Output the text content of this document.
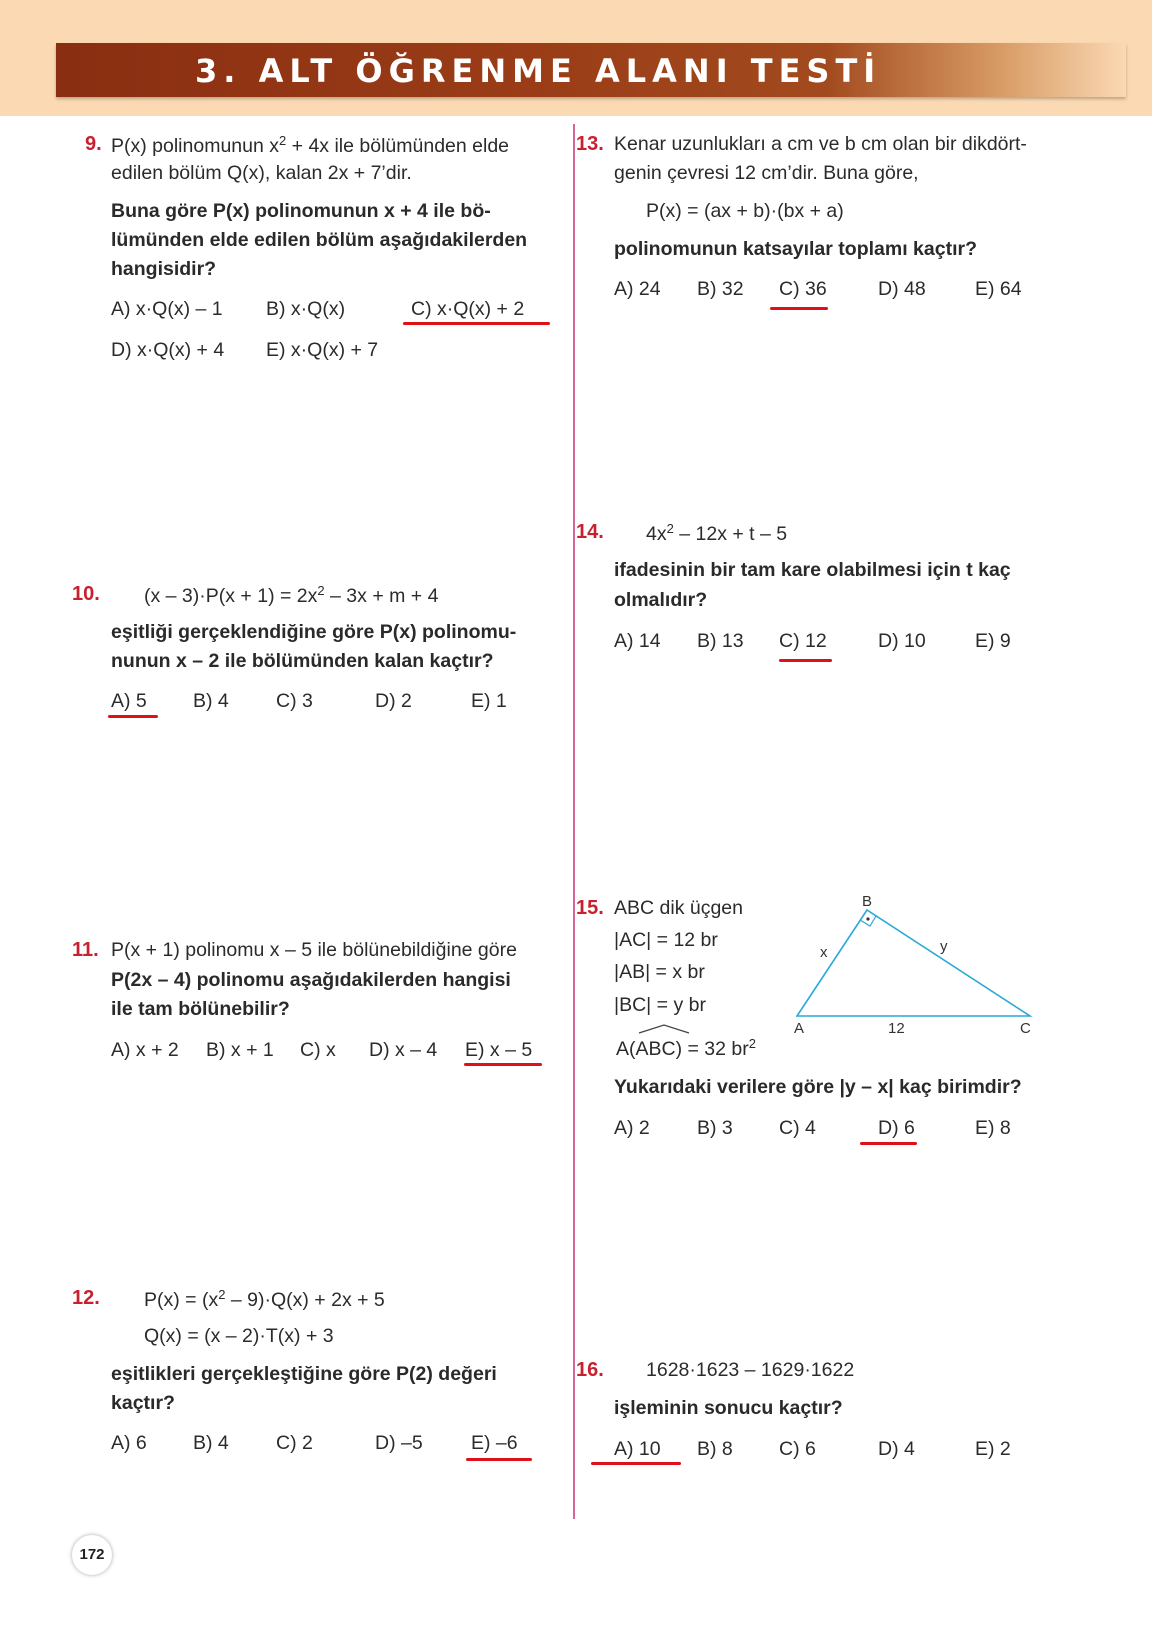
3. ALT ÖĞRENME ALANI TESTİ
9. P(x) polinomunun $x^2 + 4x$ ile bölümünden elde
edilen bölüm Q(x), kalan 2x + 7’dir.
Buna göre P(x) polinomunun x + 4 ile bö-
lümünden elde edilen bölüm aşağıdakilerden
hangisidir?
A) x·Q(x) – 1 B) x·Q(x)	C) x·Q(x) + 2
D) x·Q(x) + 4 E) x·Q(x) + 7
10. $(x - 3)\cdot P(x + 1) = 2x^2 - 3x + m + 4$
eşitliği gerçeklendiğine göre P(x) polinomu-
nunun x – 2 ile bölümünden kalan kaçtır?
A) 5 B) 4 C) 3	D) 2	E) 1
11. P(x + 1) polinomu x – 5 ile bölünebildiğine göre
P(2x – 4) polinomu aşağıdakilerden hangisi
ile tam bölünebilir?
A) x + 2 B) x + 1 C) x D) x – 4 E) x – 5
12. $P(x) = (x^2 - 9)\cdot Q(x) + 2x + 5$
Q(x) = (x – 2)·T(x) + 3
eşitlikleri gerçekleştiğine göre P(2) değeri
kaçtır?
A) 6 B) 4 C) 2	D) –5 E) –6
13. Kenar uzunlukları a cm ve b cm olan bir dikdört-
genin çevresi 12 cm’dir. Buna göre,
P(x) = (ax + b)·(bx + a)
polinomunun katsayılar toplamı kaçtır?
A) 24 B) 32 C) 36	D) 48	E) 64
14. $4x^2 - 12x + t - 5$
ifadesinin bir tam kare olabilmesi için t kaç
olmalıdır?
A) 14 B) 13 C) 12	D) 10	E) 9
15. ABC dik üçgen
|AC| = 12 br
|AB| = x br
|BC| = y br
A(ABC) = 32 $br^2$
B
A	C
x	y
12
Yukarıdaki verilere göre |y – x| kaç birimdir?
A) 2 B) 3 C) 4	D) 6	E) 8
16. 1628·1623 – 1629·1622
işleminin sonucu kaçtır?
A) 10 B) 8 C) 6	D) 4	E) 2
172
